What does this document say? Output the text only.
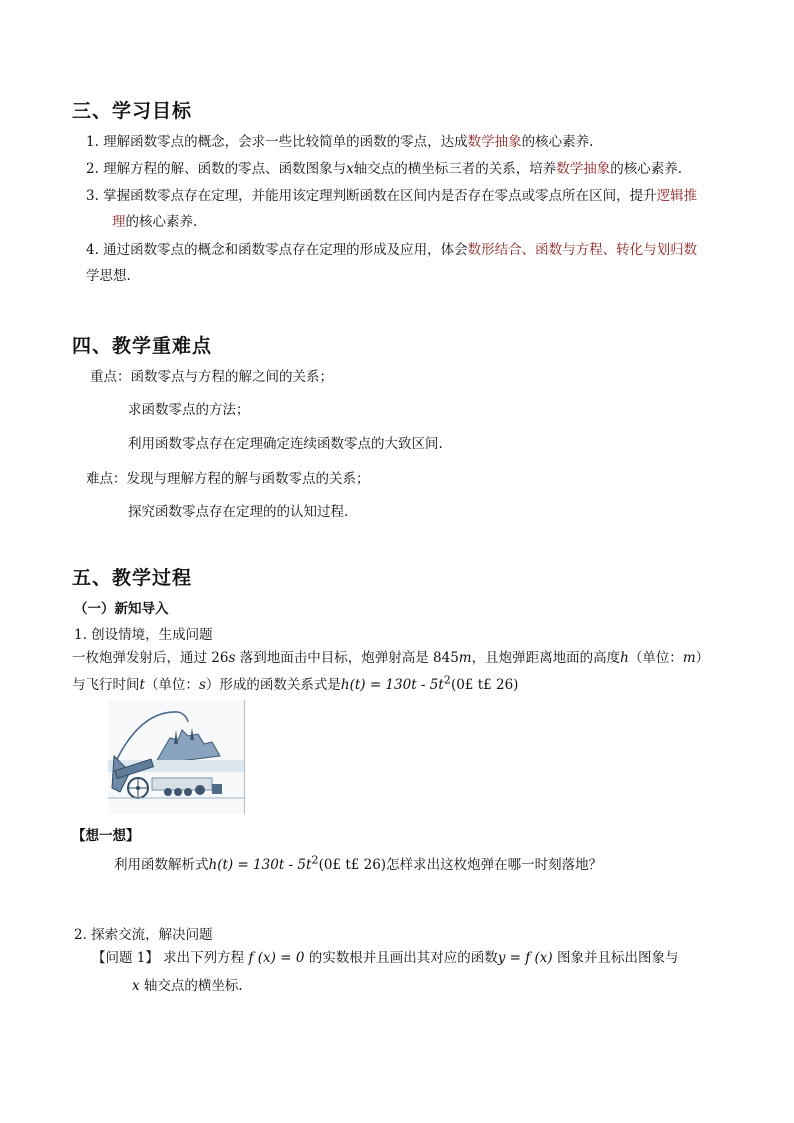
三、学习目标
1. 理解函数零点的概念，会求一些比较简单的函数的零点，达成数学抽象的核心素养.
2. 理解方程的解、函数的零点、函数图象与x轴交点的横坐标三者的关系，培养数学抽象的核心素养.
3. 掌握函数零点存在定理，并能用该定理判断函数在区间内是否存在零点或零点所在区间，提升逻辑推
理的核心素养.
4. 通过函数零点的概念和函数零点存在定理的形成及应用，体会数形结合、函数与方程、转化与划归数
学思想.
四、教学重难点
重点：函数零点与方程的解之间的关系；
求函数零点的方法；
利用函数零点存在定理确定连续函数零点的大致区间.
难点：发现与理解方程的解与函数零点的关系；
探究函数零点存在定理的的认知过程.
五、教学过程
（一）新知导入
1. 创设情境，生成问题
一枚炮弹发射后，通过 26s 落到地面击中目标，炮弹射高是 845m，且炮弹距离地面的高度h（单位：m）
与飞行时间t（单位：s）形成的函数关系式是$h(t) = 130t - 5t^2(0£$ t£ 26)
【想一想】
利用函数解析式$h(t) = 130t - 5t^2(0£$ t£ 26)怎样求出这枚炮弹在哪一时刻落地？
2. 探索交流，解决问题
【问题 1】 求出下列方程 f (x) = 0 的实数根并且画出其对应的函数y = f (x) 图象并且标出图象与
x 轴交点的横坐标.
